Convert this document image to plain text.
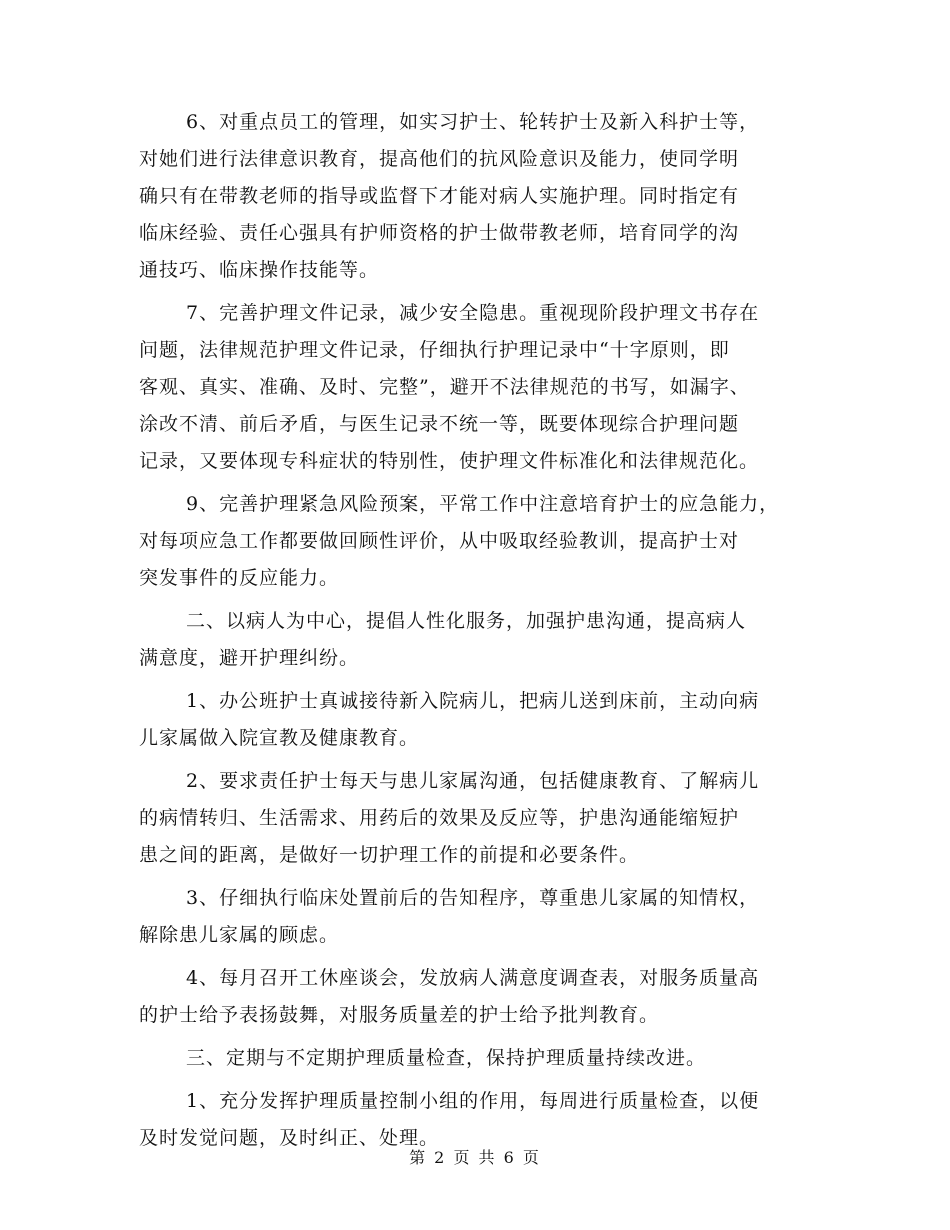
6、对重点员工的管理，如实习护士、轮转护士及新入科护士等，
对她们进行法律意识教育，提高他们的抗风险意识及能力，使同学明
确只有在带教老师的指导或监督下才能对病人实施护理。同时指定有
临床经验、责任心强具有护师资格的护士做带教老师，培育同学的沟
通技巧、临床操作技能等。

7、完善护理文件记录，减少安全隐患。重视现阶段护理文书存在
问题，法律规范护理文件记录，仔细执行护理记录中“十字原则，即
客观、真实、准确、及时、完整”，避开不法律规范的书写，如漏字、
涂改不清、前后矛盾，与医生记录不统一等，既要体现综合护理问题
记录，又要体现专科症状的特别性，使护理文件标准化和法律规范化。

9、完善护理紧急风险预案，平常工作中注意培育护士的应急能力，
对每项应急工作都要做回顾性评价，从中吸取经验教训，提高护士对
突发事件的反应能力。

二、以病人为中心，提倡人性化服务，加强护患沟通，提高病人
满意度，避开护理纠纷。

1、办公班护士真诚接待新入院病儿，把病儿送到床前，主动向病
儿家属做入院宣教及健康教育。

2、要求责任护士每天与患儿家属沟通，包括健康教育、了解病儿
的病情转归、生活需求、用药后的效果及反应等，护患沟通能缩短护
患之间的距离，是做好一切护理工作的前提和必要条件。

3、仔细执行临床处置前后的告知程序，尊重患儿家属的知情权，
解除患儿家属的顾虑。

4、每月召开工休座谈会，发放病人满意度调查表，对服务质量高
的护士给予表扬鼓舞，对服务质量差的护士给予批判教育。

三、定期与不定期护理质量检查，保持护理质量持续改进。

1、充分发挥护理质量控制小组的作用，每周进行质量检查，以便
及时发觉问题，及时纠正、处理。

第 2 页 共 6 页
